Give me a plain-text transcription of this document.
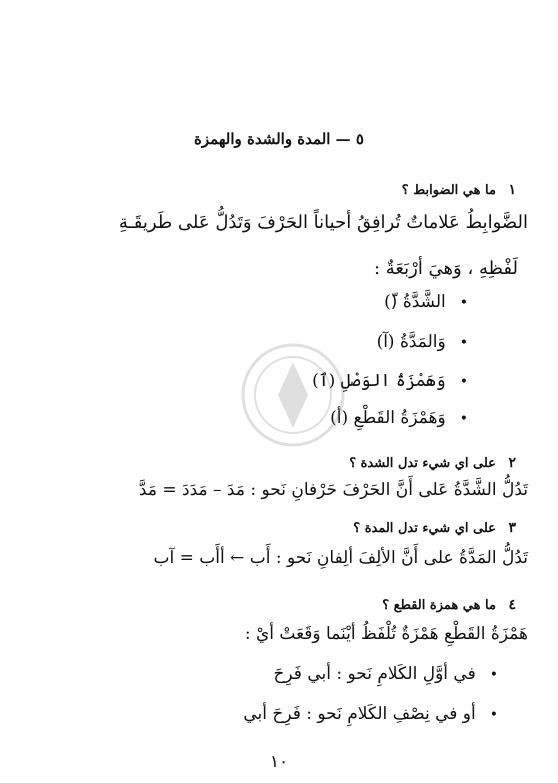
٥ — المدة والشدة والهمزة
١ ما هي الضوابط ؟
الضَّوابِطُ عَلاماتٌ تُرافِقُ أحياناً الحَرْفَ وَتَدُلُّ عَلى طَريقَـةِ
لَفْظِهِ ، وَهيَ أرْبَعَةٌ :
•الشَّدَّةُ (ّ)
•وَالمَدَّةُ (آ)
•وَهَمْزَةُ الوَصْلِ (ٱ)
•وَهَمْزَةُ القَطْعِ (أ)
٢ على اي شيء تدل الشدة ؟
تَدُلُّ الشَّدَّةُ عَلى أَنَّ الحَرْفَ حَرْفانِ نَحو : مَدَ – مَدَدَ = مَدَّ
٣ على اي شيء تدل المدة ؟
تَدُلُّ المَدَّةُ على أَنَّ الألِفَ ألِفانِ نَحو : أَب ← أأَب = آب
٤ ما هي همزة القطع ؟
هَمْزَةُ القَطْعِ هَمْزَةٌ تُلْفَظُ أيْنَما وَقَعَتْ أيْ :
•في أوَّلِ الكَلامِ نَحو : أبي فَرِحَ
•أو في نِصْفِ الكَلامِ نَحو : فَرِحَ أبي
١٠
